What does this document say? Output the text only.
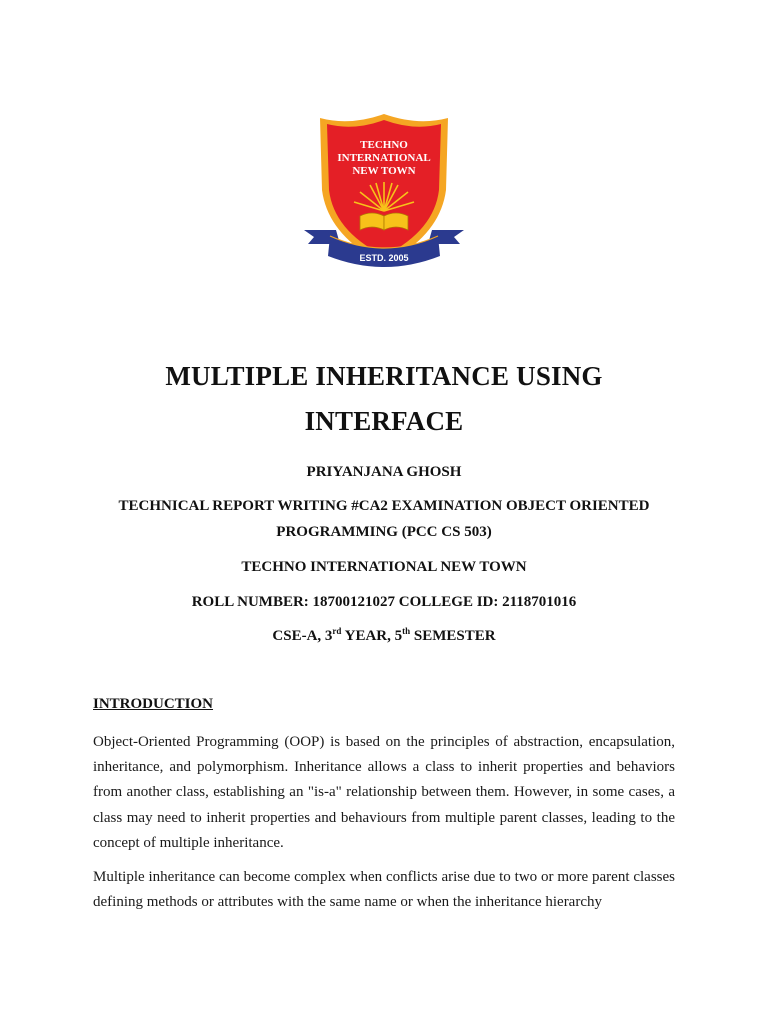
TECHNO
INTERNATIONAL
NEW TOWN
ESTD. 2005
MULTIPLE INHERITANCE USING
INTERFACE

PRIYANJANA GHOSH

TECHNICAL REPORT WRITING #CA2 EXAMINATION OBJECT ORIENTED

PROGRAMMING (PCC CS 503)

TECHNO INTERNATIONAL NEW TOWN

ROLL NUMBER: 18700121027 COLLEGE ID: 2118701016

CSE-A, 3rd YEAR, 5th SEMESTER

INTRODUCTION

Object-Oriented Programming (OOP) is based on the principles of abstraction, encapsulation, inheritance, and polymorphism. Inheritance allows a class to inherit properties and behaviors from another class, establishing an "is-a" relationship between them. However, in some cases, a class may need to inherit properties and behaviours from multiple parent classes, leading to the concept of multiple inheritance.

Multiple inheritance can become complex when conflicts arise due to two or more parent classes defining methods or attributes with the same name or when the inheritance hierarchy
